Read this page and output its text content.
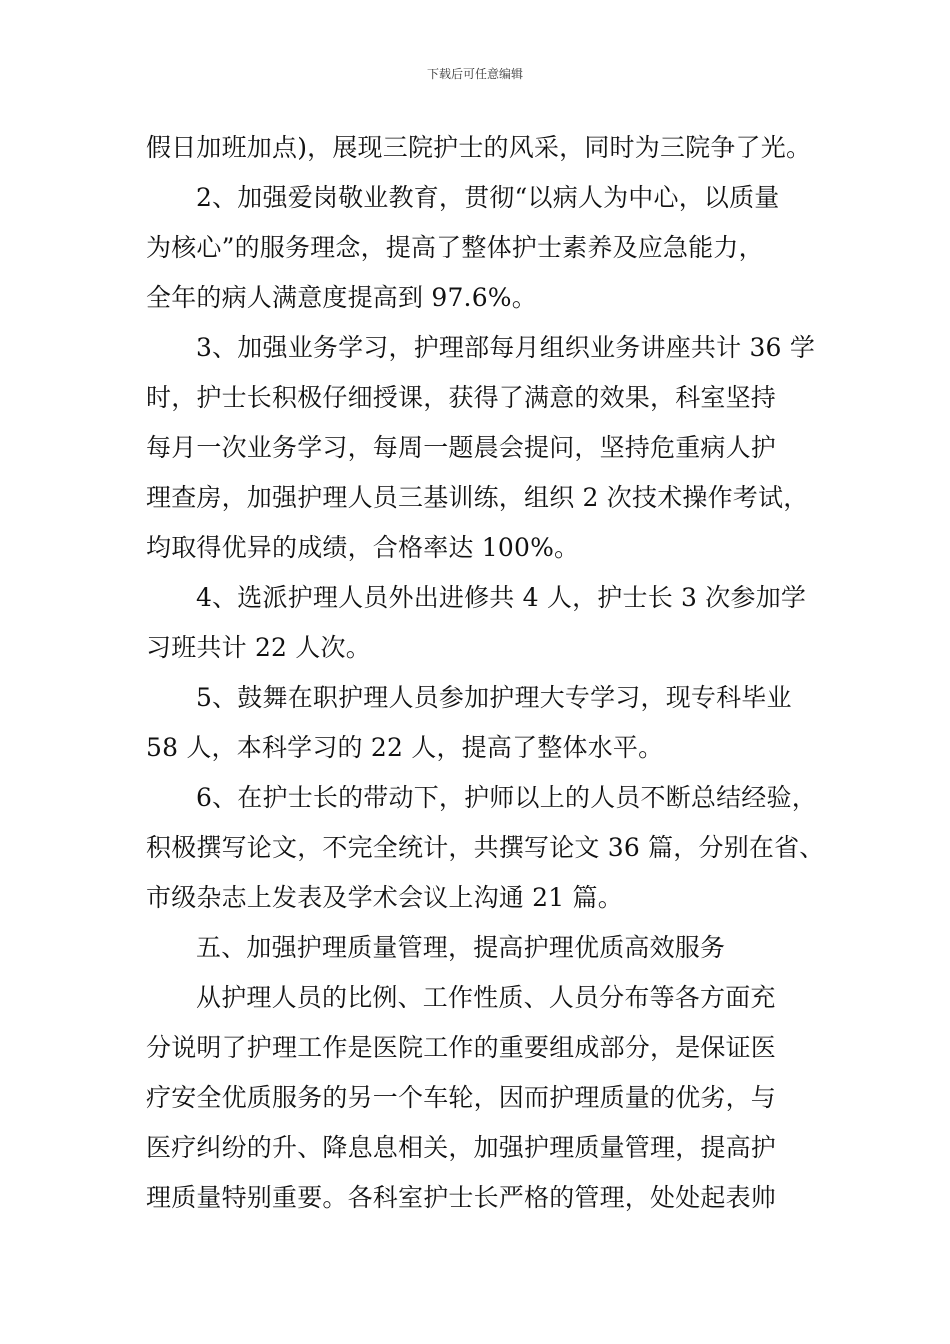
下载后可任意编辑
假日加班加点)，展现三院护士的风采，同时为三院争了光。
2、加强爱岗敬业教育，贯彻“以病人为中心，以质量
为核心”的服务理念，提高了整体护士素养及应急能力，
全年的病人满意度提高到 97.6%。
3、加强业务学习，护理部每月组织业务讲座共计 36 学
时，护士长积极仔细授课，获得了满意的效果，科室坚持
每月一次业务学习，每周一题晨会提问，坚持危重病人护
理查房，加强护理人员三基训练，组织 2 次技术操作考试，
均取得优异的成绩，合格率达 100%。
4、选派护理人员外出进修共 4 人，护士长 3 次参加学
习班共计 22 人次。
5、鼓舞在职护理人员参加护理大专学习，现专科毕业
58 人，本科学习的 22 人，提高了整体水平。
6、在护士长的带动下，护师以上的人员不断总结经验，
积极撰写论文，不完全统计，共撰写论文 36 篇，分别在省、
市级杂志上发表及学术会议上沟通 21 篇。
五、加强护理质量管理，提高护理优质高效服务
从护理人员的比例、工作性质、人员分布等各方面充
分说明了护理工作是医院工作的重要组成部分，是保证医
疗安全优质服务的另一个车轮，因而护理质量的优劣，与
医疗纠纷的升、降息息相关，加强护理质量管理，提高护
理质量特别重要。各科室护士长严格的管理，处处起表帅
